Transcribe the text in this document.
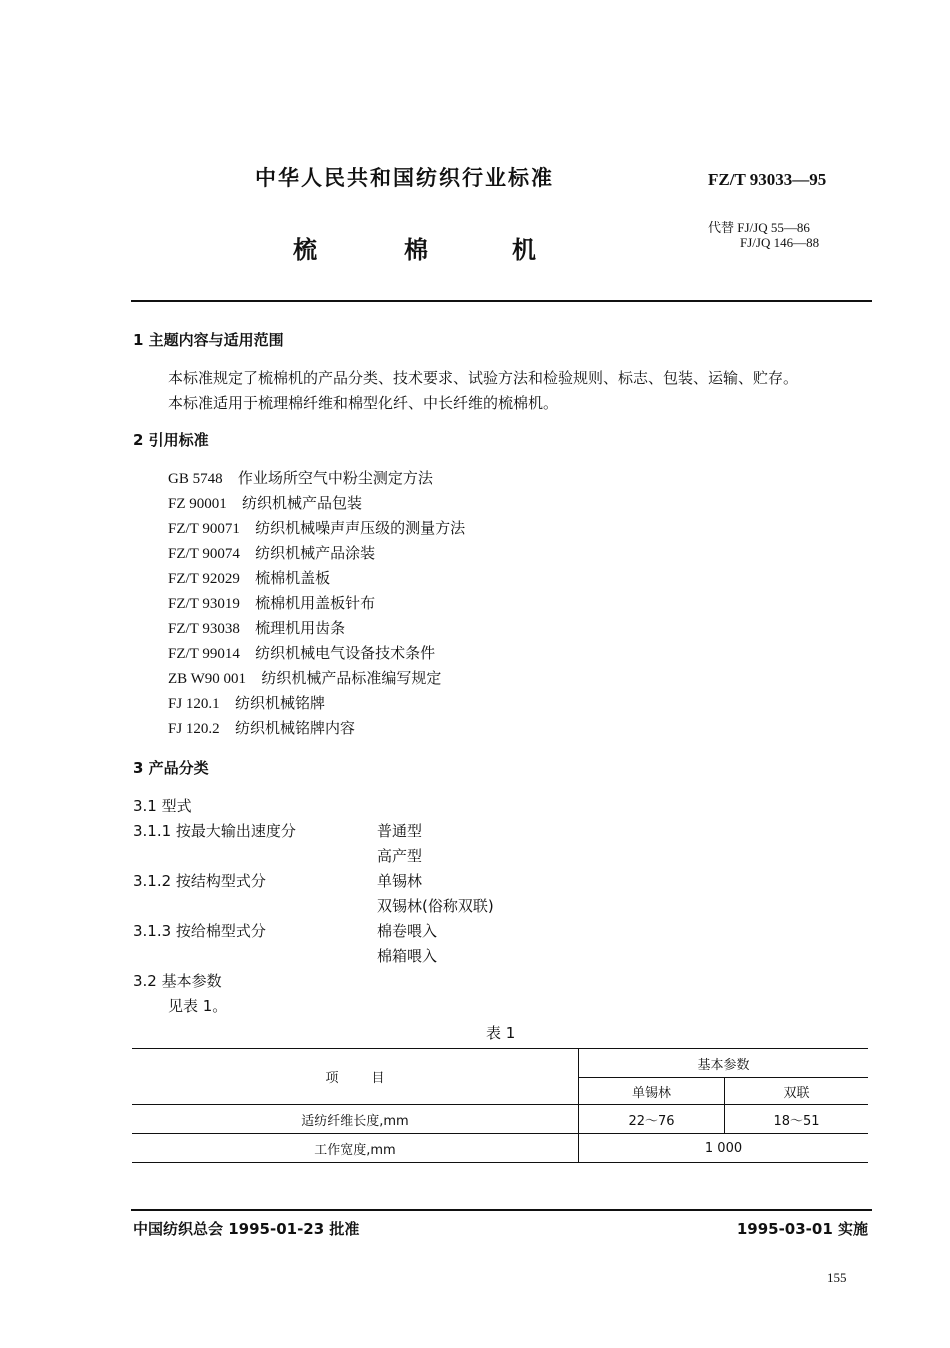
中华人民共和国纺织行业标准	FZ/T 93033—95
梳	棉	机
代替 FJ/JQ 55—86
FJ/JQ 146—88
1 主题内容与适用范围
本标准规定了梳棉机的产品分类、技术要求、试验方法和检验规则、标志、包装、运输、贮存。
本标准适用于梳理棉纤维和棉型化纤、中长纤维的梳棉机。
2 引用标准
GB 5748 作业场所空气中粉尘测定方法
FZ 90001 纺织机械产品包装
FZ/T 90071 纺织机械噪声声压级的测量方法
FZ/T 90074 纺织机械产品涂装
FZ/T 92029 梳棉机盖板
FZ/T 93019 梳棉机用盖板针布
FZ/T 93038 梳理机用齿条
FZ/T 99014 纺织机械电气设备技术条件
ZB W90 001 纺织机械产品标准编写规定
FJ 120.1 纺织机械铭牌
FJ 120.2 纺织机械铭牌内容
3 产品分类
3.1 型式
3.1.1 按最大输出速度分	普通型
高产型
3.1.2 按结构型式分	单锡林
双锡林(俗称双联)
3.1.3 按给棉型式分	棉卷喂入
棉箱喂入
3.2 基本参数
见表 1。
表 1
项        目	基本参数	
	单锡林	双联
适纺纤维长度,mm	22～76	18～51
工作宽度,mm	1 000	
中国纺织总会 1995-01-23 批准	1995-03-01 实施
155
